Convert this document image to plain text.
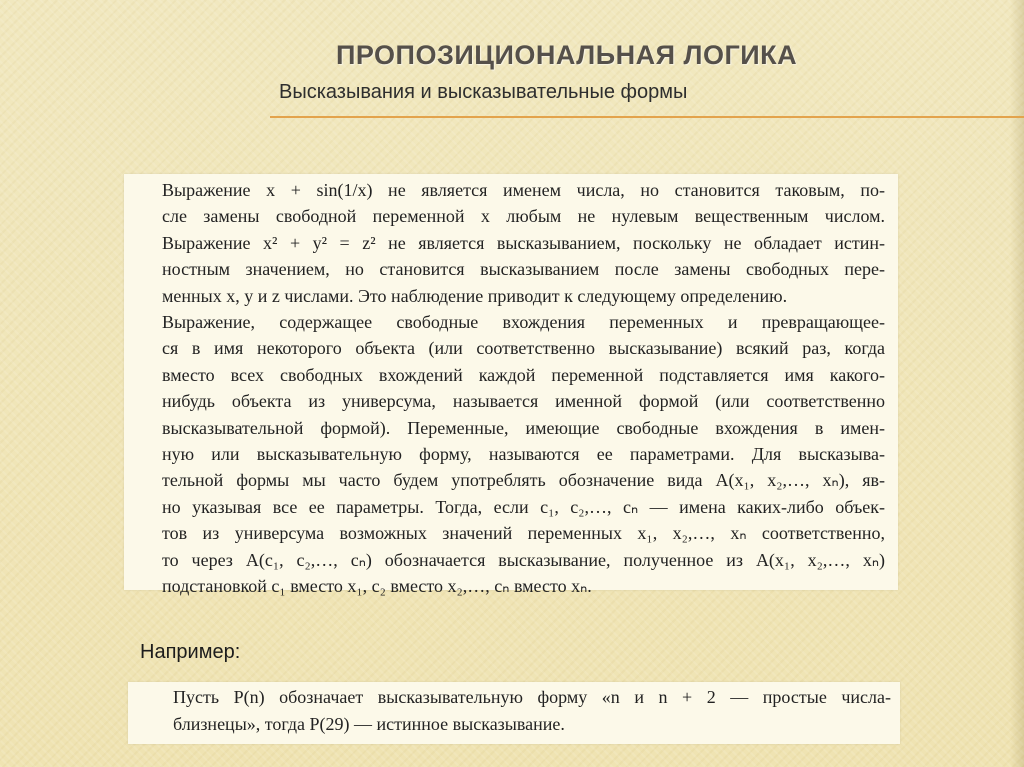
ПРОПОЗИЦИОНАЛЬНАЯ ЛОГИКА
Высказывания и высказывательные формы

Выражение x + sin(1/x) не является именем числа, но становится таковым, по-

сле замены свободной переменной x любым не нулевым вещественным числом.

Выражение x² + y² = z² не является высказыванием, поскольку не обладает истин-

ностным значением, но становится высказыванием после замены свободных пере-

менных x, y и z числами. Это наблюдение приводит к следующему определению.

Выражение, содержащее свободные вхождения переменных и превращающее-

ся в имя некоторого объекта (или соответственно высказывание) всякий раз, когда

вместо всех свободных вхождений каждой переменной подставляется имя какого-

нибудь объекта из универсума, называется именной формой (или соответственно

высказывательной формой). Переменные, имеющие свободные вхождения в имен-

ную или высказывательную форму, называются ее параметрами. Для высказыва-

тельной формы мы часто будем употреблять обозначение вида A(x₁, x₂,…, xₙ), яв-

но указывая все ее параметры. Тогда, если c₁, c₂,…, cₙ — имена каких-либо объек-

тов из универсума возможных значений переменных x₁, x₂,…, xₙ соответственно,

то через A(c₁, c₂,…, cₙ) обозначается высказывание, полученное из A(x₁, x₂,…, xₙ)

подстановкой c₁ вместо x₁, c₂ вместо x₂,…, cₙ вместо xₙ.

Например:

Пусть P(n) обозначает высказывательную форму «n и n + 2 — простые числа-

близнецы», тогда P(29) — истинное высказывание.
